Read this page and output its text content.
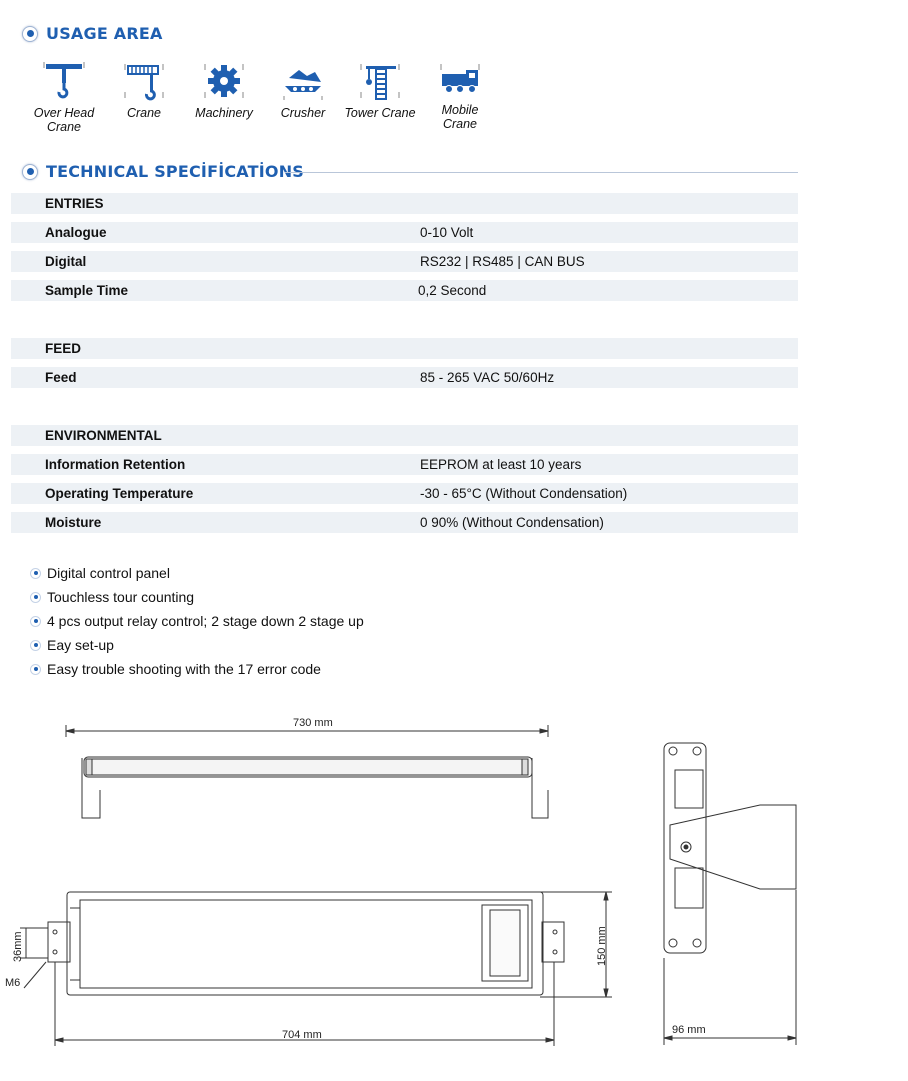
USAGE AREA
Over Head
Crane
Crane	Machinery	Crusher	Tower Crane	Mobile
Crane
TECHNICAL SPECİFİCATİONS
ENTRIES
Analogue	0-10 Volt
Digital	RS232 | RS485 | CAN BUS
Sample Time	0,2 Second
FEED
Feed	85 - 265 VAC 50/60Hz
ENVIRONMENTAL
Information Retention	EEPROM at least 10 years
Operating Temperature	-30 - 65°C (Without Condensation)
Moisture	0 90% (Without Condensation)
Digital control panel
Touchless tour counting
4 pcs output relay control; 2 stage down 2 stage up
Eay set-up
Easy trouble shooting with the 17 error code
730 mm
704 mm
150 mm
36mm
M6
96 mm
